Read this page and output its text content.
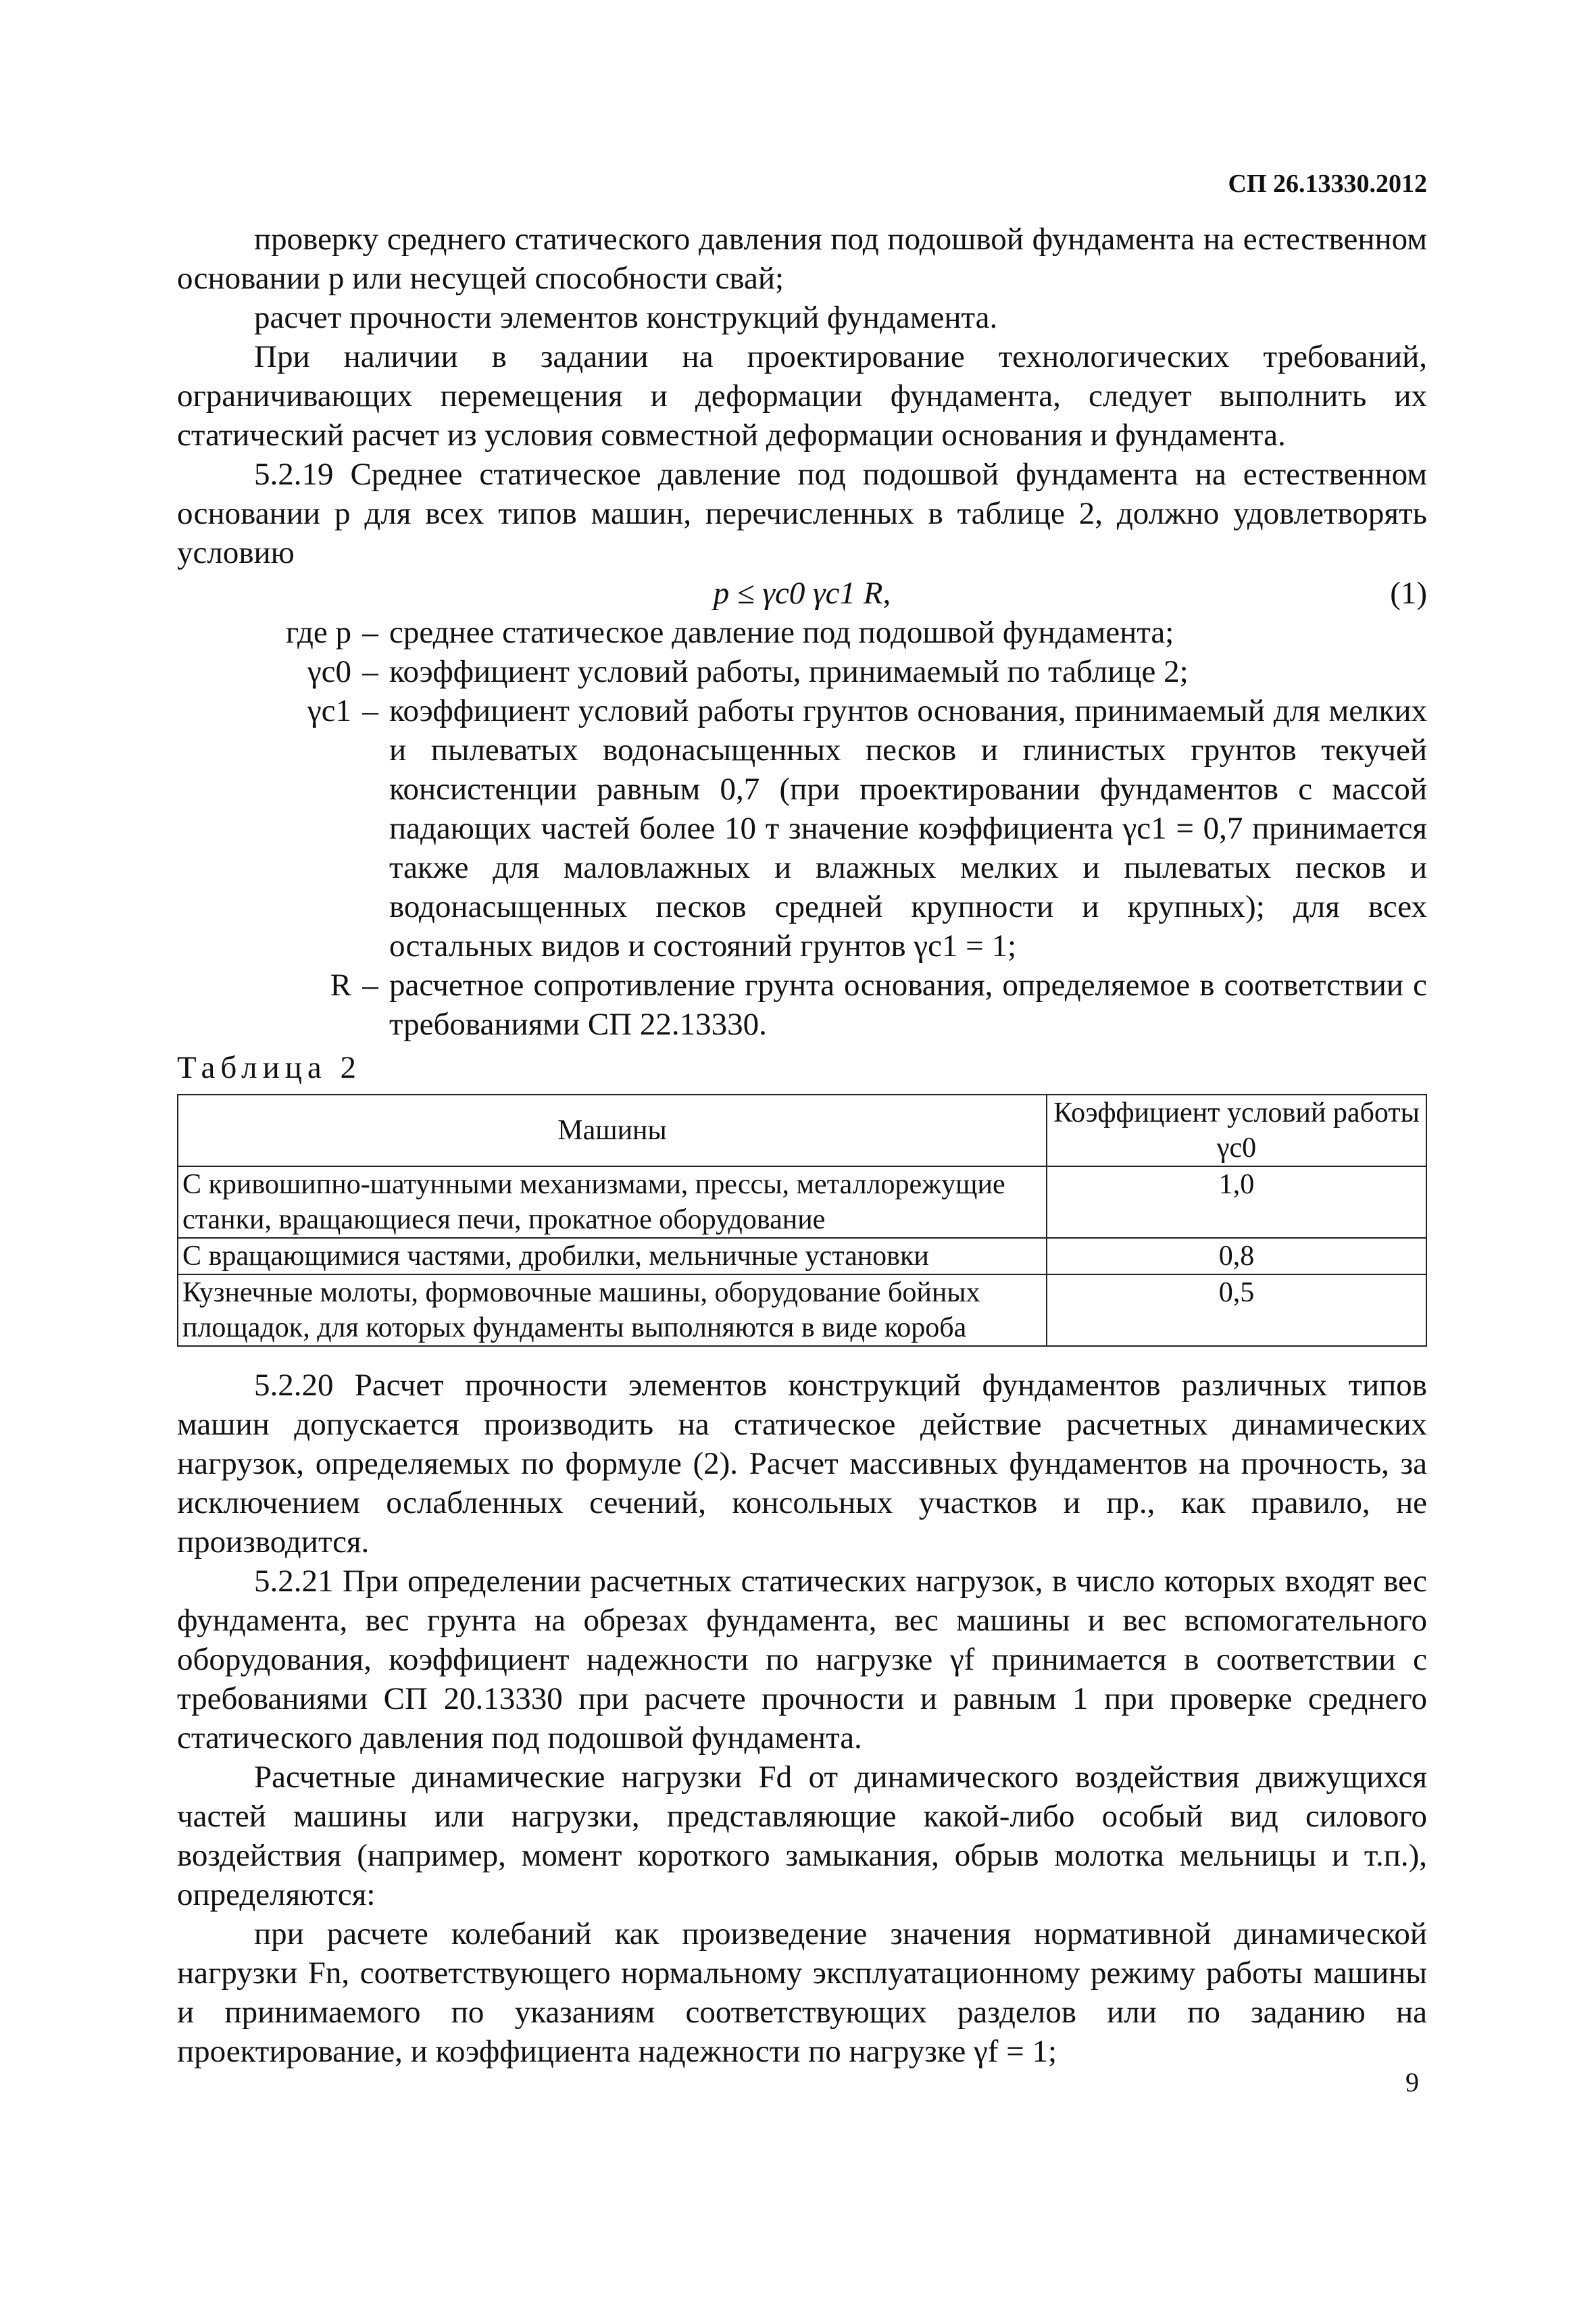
СП 26.13330.2012

проверку среднего статического давления под подошвой фундамента на естественном основании p или несущей способности свай;

расчет прочности элементов конструкций фундамента.

При наличии в задании на проектирование технологических требований, ограничивающих перемещения и деформации фундамента, следует выполнить их статический расчет из условия совместной деформации основания и фундамента.

5.2.19 Среднее статическое давление под подошвой фундамента на естественном основании p для всех типов машин, перечисленных в таблице 2, должно удовлетворять условию

p ≤ γc0 γc1 R,	(1)
где p – среднее статическое давление под подошвой фундамента;
γc0 – коэффициент условий работы, принимаемый по таблице 2;
γc1 – коэффициент условий работы грунтов основания, принимаемый для мелких и пылеватых водонасыщенных песков и глинистых грунтов текучей консистенции равным 0,7 (при проектировании фундаментов с массой падающих частей более 10 т значение коэффициента γc1 = 0,7 принимается также для маловлажных и влажных мелких и пылеватых песков и водонасыщенных песков средней крупности и крупных); для всех остальных видов и состояний грунтов γc1 = 1;
R – расчетное сопротивление грунта основания, определяемое в соответствии с требованиями СП 22.13330.
Таблица 2
Машины	Коэффициент условий работы γc0
С кривошипно-шатунными механизмами, прессы, металлорежущие станки, вращающиеся печи, прокатное оборудование	1,0
С вращающимися частями, дробилки, мельничные установки	0,8
Кузнечные молоты, формовочные машины, оборудование бойных площадок, для которых фундаменты выполняются в виде короба	0,5

5.2.20 Расчет прочности элементов конструкций фундаментов различных типов машин допускается производить на статическое действие расчетных динамических нагрузок, определяемых по формуле (2). Расчет массивных фундаментов на прочность, за исключением ослабленных сечений, консольных участков и пр., как правило, не производится.

5.2.21 При определении расчетных статических нагрузок, в число которых входят вес фундамента, вес грунта на обрезах фундамента, вес машины и вес вспомогательного оборудования, коэффициент надежности по нагрузке γf принимается в соответствии с требованиями СП 20.13330 при расчете прочности и равным 1 при проверке среднего статического давления под подошвой фундамента.

Расчетные динамические нагрузки Fd от динамического воздействия движущихся частей машины или нагрузки, представляющие какой-либо особый вид силового воздействия (например, момент короткого замыкания, обрыв молотка мельницы и т.п.), определяются:

при расчете колебаний как произведение значения нормативной динамической нагрузки Fn, соответствующего нормальному эксплуатационному режиму работы машины и принимаемого по указаниям соответствующих разделов или по заданию на проектирование, и коэффициента надежности по нагрузке γf = 1;

9
